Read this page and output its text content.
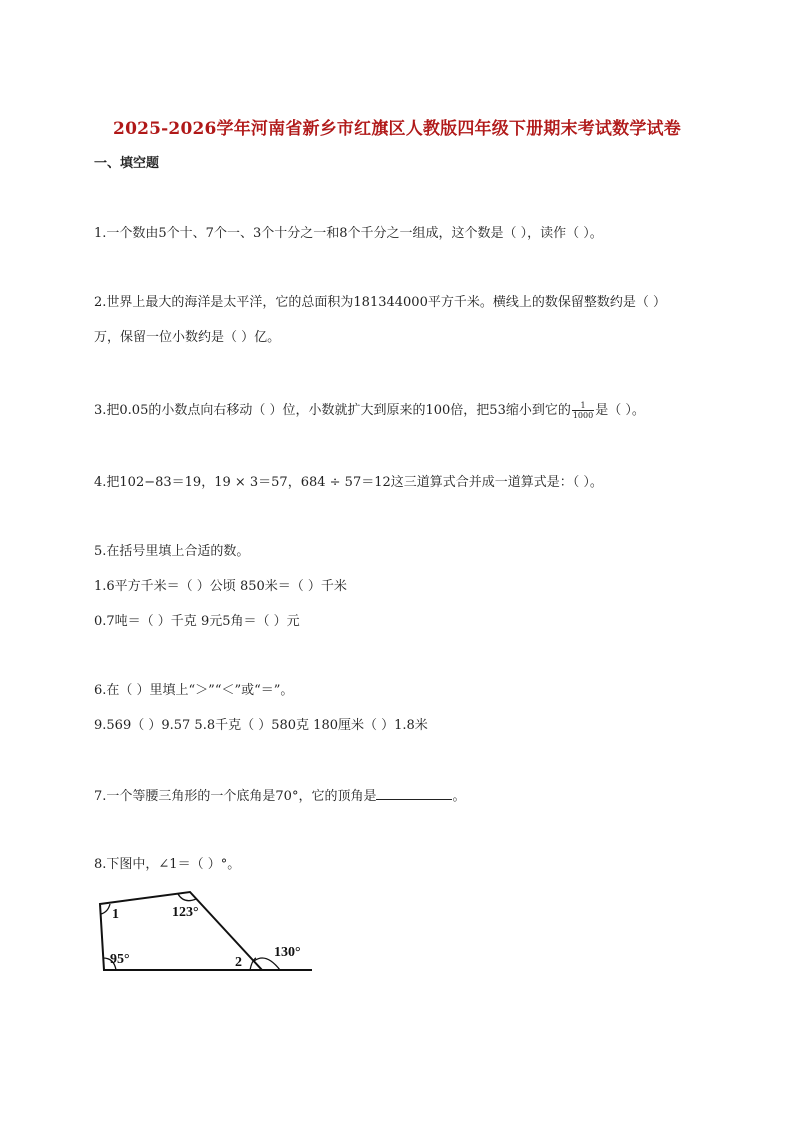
2025-2026学年河南省新乡市红旗区人教版四年级下册期末考试数学试卷
一、填空题
1.一个数由5个十、7个一、3个十分之一和8个千分之一组成，这个数是（ ），读作（ ）。
2.世界上最大的海洋是太平洋，它的总面积为181344000平方千米。横线上的数保留整数约是（ ）
万，保留一位小数约是（ ）亿。
3.把0.05的小数点向右移动（ ）位，小数就扩大到原来的100倍，把53缩小到它的 $\frac{1}{1000}$ 是（ ）。
4.把102−83＝19，19 × 3＝57，684 ÷ 57＝12这三道算式合并成一道算式是：（ ）。
5.在括号里填上合适的数。
1.6平方千米＝（ ）公顷 850米＝（ ）千米
0.7吨＝（ ）千克 9元5角＝（ ）元
6.在（ ）里填上“＞”“＜”或“＝”。
9.569（ ）9.57 5.8千克（ ）580克 180厘米（ ）1.8米
7.一个等腰三角形的一个底角是70°，它的顶角是	。
8.下图中，∠1＝（ ）°。
1	123°
95°	2
130°
